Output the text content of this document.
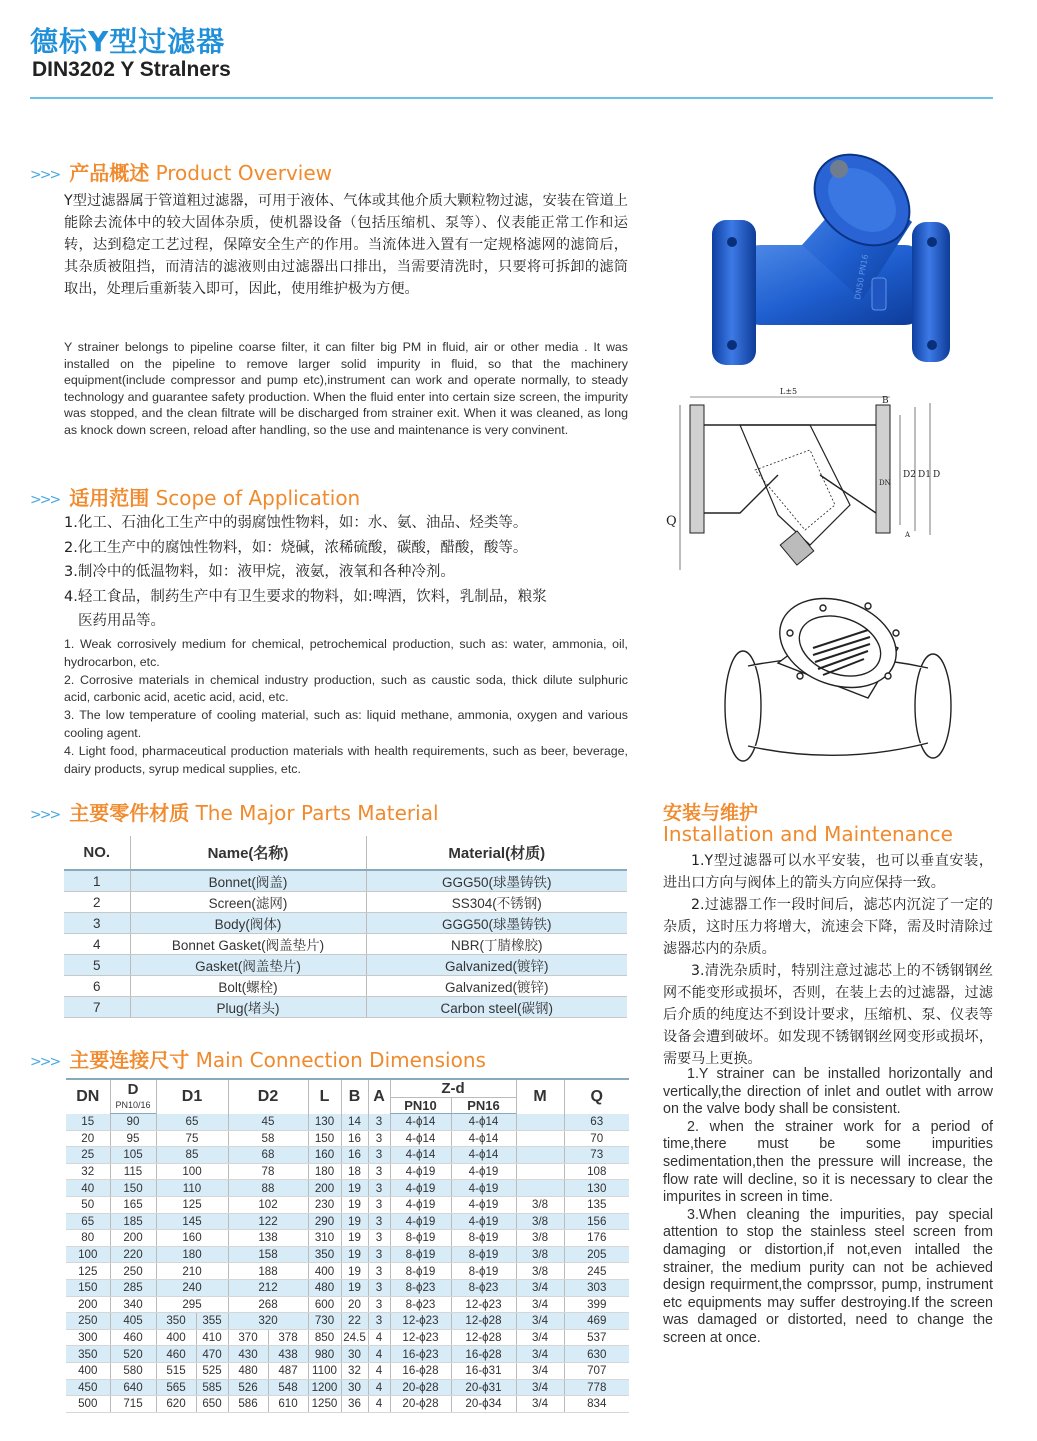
德标Y型过滤器
DIN3202 Y Stralners
>>> 产品概述 Product Overview

Y型过滤器属于管道粗过滤器，可用于液体、气体或其他介质大颗粒物过滤，安装在管道上能除去流体中的较大固体杂质，使机器设备（包括压缩机、泵等）、仪表能正常工作和运转，达到稳定工艺过程，保障安全生产的作用。当流体进入置有一定规格滤网的滤筒后，其杂质被阻挡，而清洁的滤液则由过滤器出口排出，当需要清洗时，只要将可拆卸的滤筒取出，处理后重新装入即可，因此，使用维护极为方便。

Y strainer belongs to pipeline coarse filter, it can filter big PM in fluid, air or other media . It was installed on the pipeline to remove larger solid impurity in fluid, so that the machinery equipment(include compressor and pump etc),instrument can work and operate normally, to steady technology and guarantee safety production. When the fluid enter into certain size screen, the impurity was stopped, and the clean filtrate will be discharged from strainer exit. When it was cleaned, as long as knock down screen, reload after handling, so the use and maintenance is very convinent.

DN50 PN16
L±5
B
DN
D2 D1 D
Q
A
>>> 适用范围 Scope of Application
1.化工、石油化工生产中的弱腐蚀性物料，如：水、氨、油品、烃类等。
2.化工生产中的腐蚀性物料，如：烧碱，浓稀硫酸，碳酸，醋酸，酸等。
3.制冷中的低温物料，如：液甲烷，液氨，液氧和各种冷剂。
4.轻工食品，制药生产中有卫生要求的物料，如:啤酒，饮料，乳制品，粮浆
医药用品等。
1. Weak corrosively medium for chemical, petrochemical production, such as: water, ammonia, oil, hydrocarbon, etc.
2. Corrosive materials in chemical industry production, such as caustic soda, thick dilute sulphuric acid, carbonic acid, acetic acid, acid, etc.
3. The low temperature of cooling material, such as: liquid methane, ammonia, oxygen and various cooling agent.
4. Light food, pharmaceutical production materials with health requirements, such as beer, beverage, dairy products, syrup medical supplies, etc.
>>> 主要零件材质 The Major Parts Material
NO.	Name(名称)	Material(材质)
1	Bonnet(阀盖)	GGG50(球墨铸铁)
2	Screen(滤网)	SS304(不锈钢)
3	Body(阀体)	GGG50(球墨铸铁)
4	Bonnet Gasket(阀盖垫片)	NBR(丁腈橡胶)
5	Gasket(阀盖垫片)	Galvanized(镀锌)
6	Bolt(螺栓)	Galvanized(镀锌)
7	Plug(堵头)	Carbon steel(碳钢)
>>> 主要连接尺寸 Main Connection Dimensions
DN	D	D1		D2		L	B	A	Z-d		M	Q
	PN10/16								PN10	PN16		
15	90	65		45		130	14	3	4-ϕ14	4-ϕ14		63
20	95	75		58		150	16	3	4-ϕ14	4-ϕ14		70
25	105	85		68		160	16	3	4-ϕ14	4-ϕ14		73
32	115	100		78		180	18	3	4-ϕ19	4-ϕ19		108
40	150	110		88		200	19	3	4-ϕ19	4-ϕ19		130
50	165	125		102		230	19	3	4-ϕ19	4-ϕ19	3/8	135
65	185	145		122		290	19	3	4-ϕ19	4-ϕ19	3/8	156
80	200	160		138		310	19	3	8-ϕ19	8-ϕ19	3/8	176
100	220	180		158		350	19	3	8-ϕ19	8-ϕ19	3/8	205
125	250	210		188		400	19	3	8-ϕ19	8-ϕ19	3/8	245
150	285	240		212		480	19	3	8-ϕ23	8-ϕ23	3/4	303
200	340	295		268		600	20	3	8-ϕ23	12-ϕ23	3/4	399
250	405	350	355	320		730	22	3	12-ϕ23	12-ϕ28	3/4	469
300	460	400	410	370	378	850	24.5	4	12-ϕ23	12-ϕ28	3/4	537
350	520	460	470	430	438	980	30	4	16-ϕ23	16-ϕ28	3/4	630
400	580	515	525	480	487	1100	32	4	16-ϕ28	16-ϕ31	3/4	707
450	640	565	585	526	548	1200	30	4	20-ϕ28	20-ϕ31	3/4	778
500	715	620	650	586	610	1250	36	4	20-ϕ28	20-ϕ34	3/4	834
安装与维护
Installation and Maintenance

1.Y型过滤器可以水平安装，也可以垂直安装，进出口方向与阀体上的箭头方向应保持一致。

2.过滤器工作一段时间后，滤芯内沉淀了一定的杂质，这时压力将增大，流速会下降，需及时清除过滤器芯内的杂质。

3.清洗杂质时，特别注意过滤芯上的不锈钢钢丝网不能变形或损坏，否则，在装上去的过滤器，过滤后介质的纯度达不到设计要求，压缩机、泵、仪表等设备会遭到破坏。如发现不锈钢钢丝网变形或损坏，需要马上更换。

1.Y strainer can be installed horizontally and vertically,the direction of inlet and outlet with arrow on the valve body shall be consistent.

2. when the strainer work for a period of time,there must be some impurities sedimentation,then the pressure will increase, the flow rate will decline, so it is necessary to clear the impurites in screen in time.

3.When cleaning the impurities, pay special attention to stop the stainless steel screen from damaging or distortion,if not,even intalled the strainer, the medium purity can not be achieved design requirment,the comprssor, pump, instrument etc equipments may suffer destroying.If the screen was damaged or distorted, need to change the screen at once.
